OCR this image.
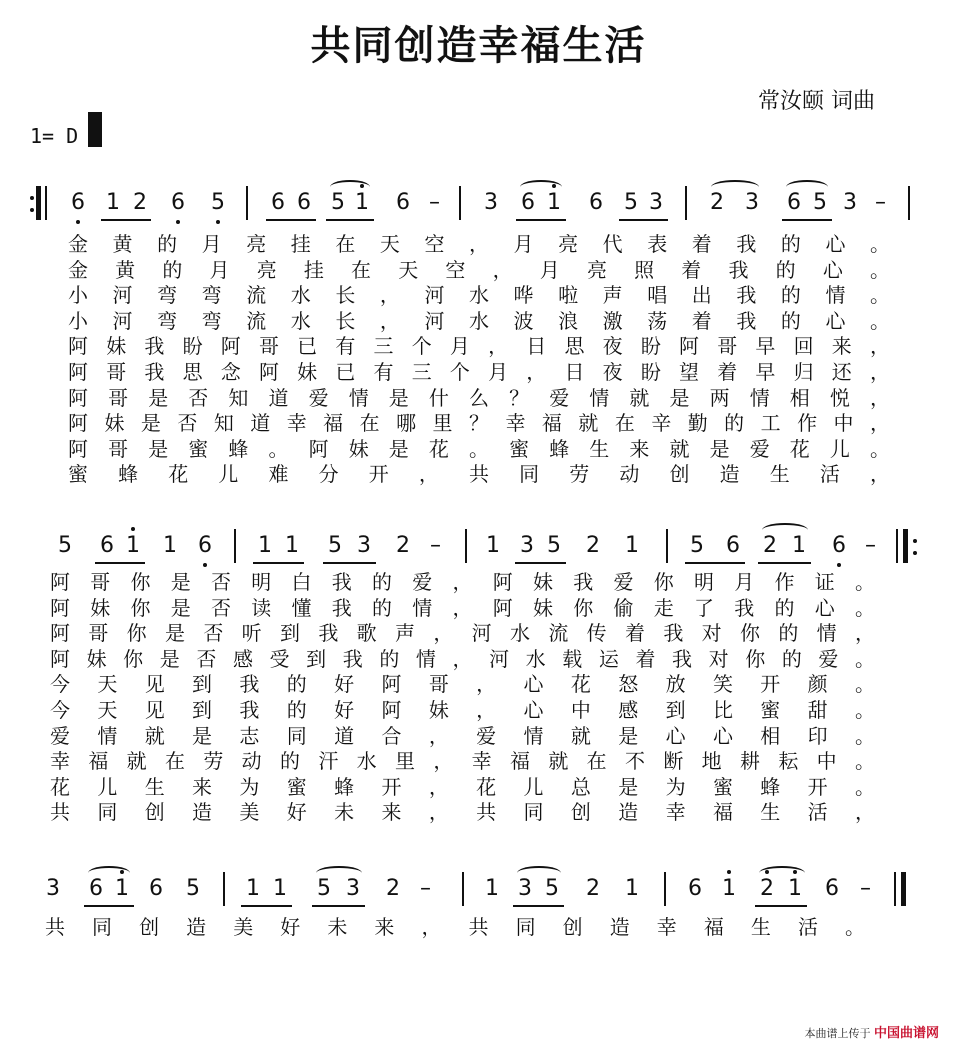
共同创造幸福生活
常汝颐 词曲
1= D
6 1 2 6 5 6 6 5 1 6 – 3 6 1 6 5 3 2 3 6 5 3 –
金 黄 的 月 亮 挂 在 天 空 ， 月 亮 代 表 着 我 的 心 。
金 黄 的 月 亮 挂 在 天 空 ， 月 亮 照 着 我 的 心 。
小 河 弯 弯 流 水 长 ， 河 水 哗 啦 声 唱 出 我 的 情 。
小 河 弯 弯 流 水 长 ， 河 水 波 浪 激 荡 着 我 的 心 。
阿 妹 我 盼 阿 哥 已 有 三 个 月 ， 日 思 夜 盼 阿 哥 早 回 来 ，
阿 哥 我 思 念 阿 妹 已 有 三 个 月 ， 日 夜 盼 望 着 早 归 还 ，
阿 哥 是 否 知 道 爱 情 是 什 么 ？ 爱 情 就 是 两 情 相 悦 ，
阿 妹 是 否 知 道 幸 福 在 哪 里 ？ 幸 福 就 在 辛 勤 的 工 作 中 ，
阿 哥 是 蜜 蜂 。 阿 妹 是 花 。 蜜 蜂 生 来 就 是 爱 花 儿 。
蜜 蜂 花 儿 难 分 开 ， 共 同 劳 动 创 造 生 活 ，
5 6 1 1 6 1 1 5 3 2 – 1 3 5 2 1 5 6 2 1 6 –
阿 哥 你 是 否 明 白 我 的 爱 ， 阿 妹 我 爱 你 明 月 作 证 。
阿 妹 你 是 否 读 懂 我 的 情 ， 阿 妹 你 偷 走 了 我 的 心 。
阿 哥 你 是 否 听 到 我 歌 声 ， 河 水 流 传 着 我 对 你 的 情 ，
阿 妹 你 是 否 感 受 到 我 的 情 ， 河 水 载 运 着 我 对 你 的 爱 。
今 天 见 到 我 的 好 阿 哥 ， 心 花 怒 放 笑 开 颜 。
今 天 见 到 我 的 好 阿 妹 ， 心 中 感 到 比 蜜 甜 。
爱 情 就 是 志 同 道 合 ， 爱 情 就 是 心 心 相 印 。
幸 福 就 在 劳 动 的 汗 水 里 ， 幸 福 就 在 不 断 地 耕 耘 中 。
花 儿 生 来 为 蜜 蜂 开 ， 花 儿 总 是 为 蜜 蜂 开 。
共 同 创 造 美 好 未 来 ， 共 同 创 造 幸 福 生 活 ，
3 6 1 6 5 1 1 5 3 2 – 1 3 5 2 1 6 1 2 1 6 –
共 同 创 造 美 好 未 来 ， 共 同 创 造 幸 福 生 活 。
本曲谱上传于 中国曲谱网
